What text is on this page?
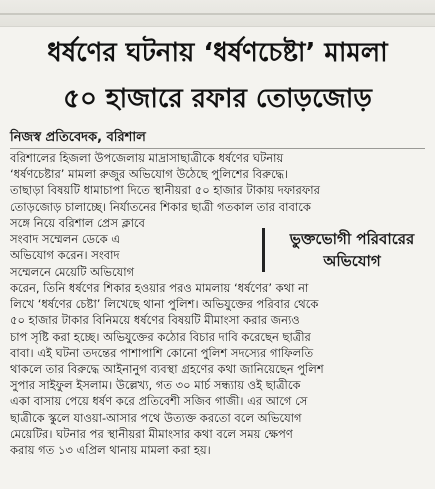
ধর্ষণের ঘটনায় ‘ধর্ষণচেষ্টা’ মামলা
৫০ হাজারে রফার তোড়জোড়
নিজস্ব প্রতিবেদক, বরিশাল
বরিশালের হিজলা উপজেলায় মাদ্রাসাছাত্রীকে ধর্ষণের ঘটনায়
‘ধর্ষণচেষ্টার’ মামলা রুজুর অভিযোগ উঠেছে পুলিশের বিরুদ্ধে।
তাছাড়া বিষয়টি ধামাচাপা দিতে স্থানীয়রা ৫০ হাজার টাকায় দফারফার
তোড়জোড় চালাচ্ছে। নির্যাতনের শিকার ছাত্রী গতকাল তার বাবাকে
সঙ্গে নিয়ে বরিশাল প্রেস ক্লাবে
সংবাদ সম্মেলন ডেকে এ
অভিযোগ করেন। সংবাদ
সম্মেলনে মেয়েটি অভিযোগ
ভুক্তভোগী পরিবারের
অভিযোগ
করেন, তিনি ধর্ষণের শিকার হওয়ার পরও মামলায় ‘ধর্ষণের’ কথা না
লিখে ‘ধর্ষণের চেষ্টা’ লিখেছে থানা পুলিশ। অভিযুক্তের পরিবার থেকে
৫০ হাজার টাকার বিনিময়ে ধর্ষণের বিষয়টি মীমাংসা করার জন্যও
চাপ সৃষ্টি করা হচ্ছে। অভিযুক্তের কঠোর বিচার দাবি করেছেন ছাত্রীর
বাবা। এই ঘটনা তদন্তের পাশাপাশি কোনো পুলিশ সদস্যের গাফিলতি
থাকলে তার বিরুদ্ধে আইনানুগ ব্যবস্থা গ্রহণের কথা জানিয়েছেন পুলিশ
সুপার সাইফুল ইসলাম। উল্লেখ্য, গত ৩০ মার্চ সন্ধ্যায় ওই ছাত্রীকে
একা বাসায় পেয়ে ধর্ষণ করে প্রতিবেশী সজিব গাজী। এর আগে সে
ছাত্রীকে স্কুলে যাওয়া-আসার পথে উত্যক্ত করতো বলে অভিযোগ
মেয়েটির। ঘটনার পর স্থানীয়রা মীমাংসার কথা বলে সময় ক্ষেপণ
করায় গত ১৩ এপ্রিল থানায় মামলা করা হয়।
